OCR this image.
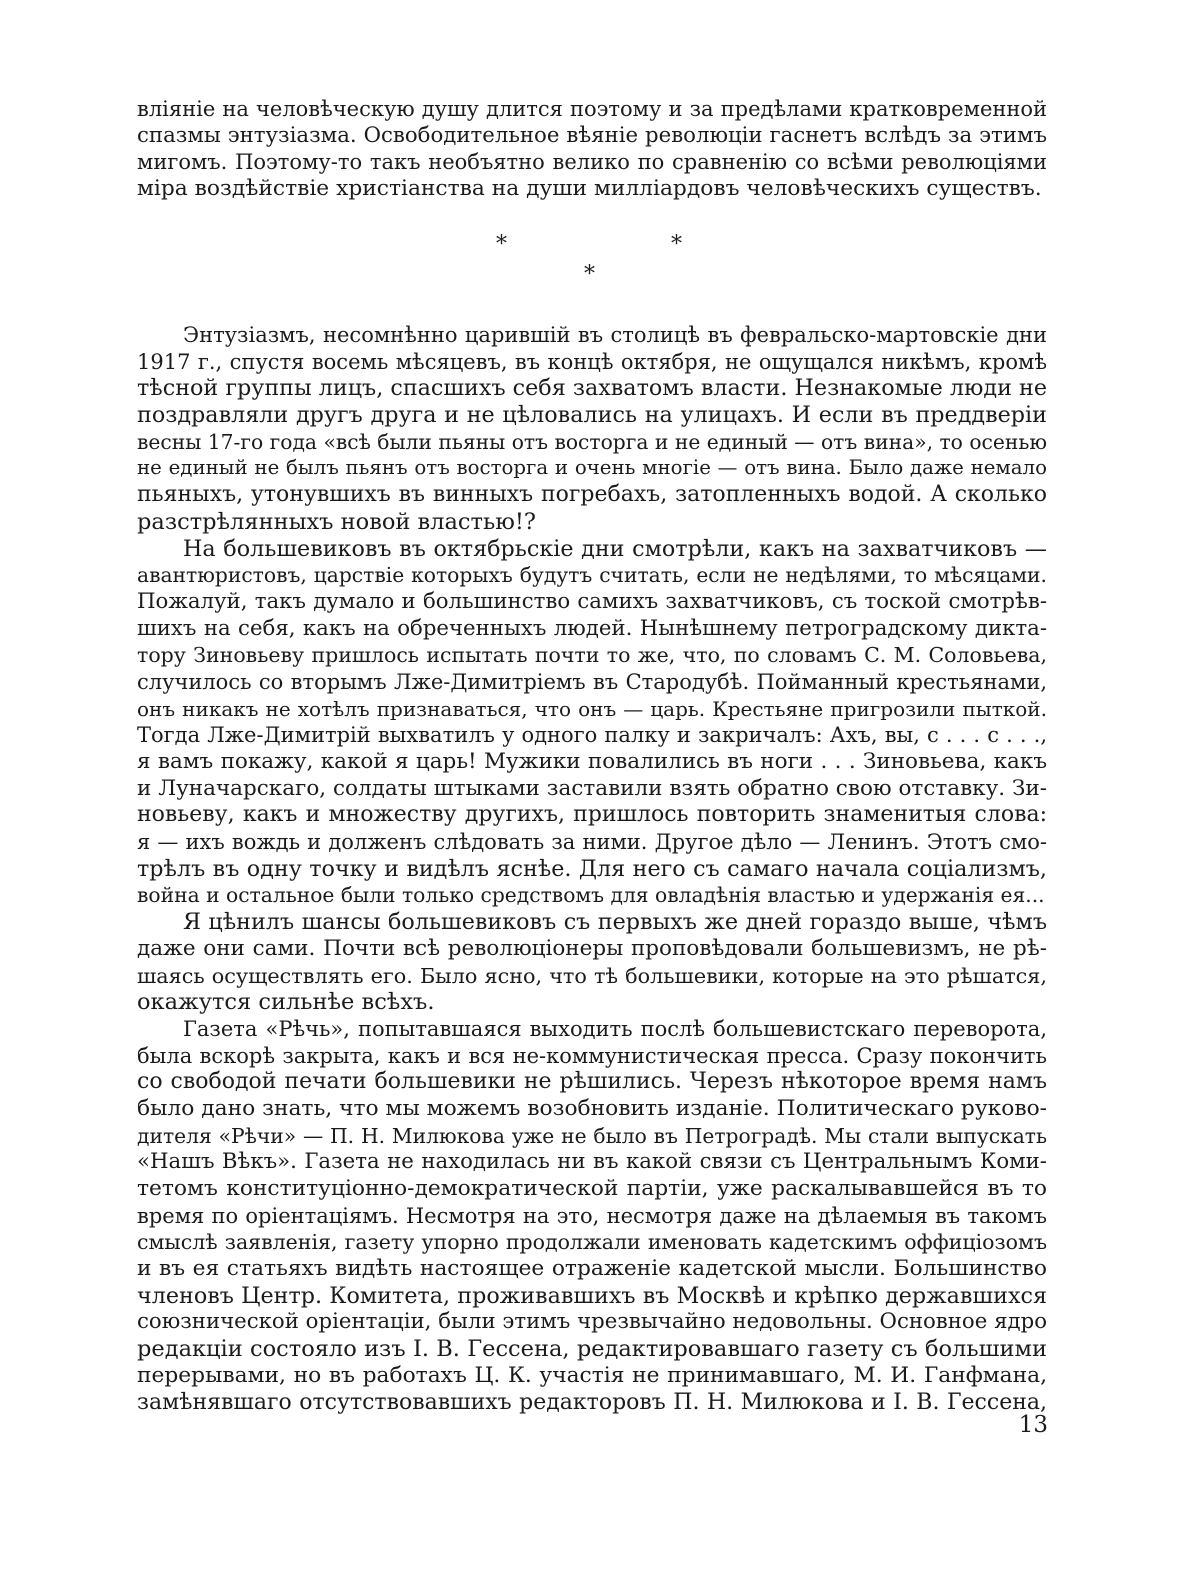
вліяніе на человѣческую душу длится поэтому и за предѣлами кратковременной
спазмы энтузіазма. Освободительное вѣяніе революціи гаснетъ вслѣдъ за этимъ
мигомъ. Поэтому-то такъ необъятно велико по сравненію со всѣми революціями
міра воздѣйствіе христіанства на души милліардовъ человѣческихъ существъ.
*	*
*
Энтузіазмъ, несомнѣнно царившій въ столицѣ въ февральско-мартовскіе дни
1917 г., спустя восемь мѣсяцевъ, въ концѣ октября, не ощущался никѣмъ, кромѣ
тѣсной группы лицъ, спасшихъ себя захватомъ власти. Незнакомые люди не
поздравляли другъ друга и не цѣловались на улицахъ. И если въ преддверіи
весны 17-го года «всѣ были пьяны отъ восторга и не единый — отъ вина», то осенью
не единый не былъ пьянъ отъ восторга и очень многіе — отъ вина. Было даже немало
пьяныхъ, утонувшихъ въ винныхъ погребахъ, затопленныхъ водой. А сколько
разстрѣлянныхъ новой властью!?
На большевиковъ въ октябрьскіе дни смотрѣли, какъ на захватчиковъ —
авантюристовъ, царствіе которыхъ будутъ считать, если не недѣлями, то мѣсяцами.
Пожалуй, такъ думало и большинство самихъ захватчиковъ, съ тоской смотрѣв-
шихъ на себя, какъ на обреченныхъ людей. Нынѣшнему петроградскому дикта-
тору Зиновьеву пришлось испытать почти то же, что, по словамъ С. М. Соловьева,
случилось со вторымъ Лже-Димитріемъ въ Стародубѣ. Пойманный крестьянами,
онъ никакъ не хотѣлъ признаваться, что онъ — царь. Крестьяне пригрозили пыткой.
Тогда Лже-Димитрій выхватилъ у одного палку и закричалъ: Ахъ, вы, с . . . с . . .,
я вамъ покажу, какой я царь! Мужики повалились въ ноги . . . Зиновьева, какъ
и Луначарскаго, солдаты штыками заставили взять обратно свою отставку. Зи-
новьеву, какъ и множеству другихъ, пришлось повторить знаменитыя слова:
я — ихъ вождь и долженъ слѣдовать за ними. Другое дѣло — Ленинъ. Этотъ смо-
трѣлъ въ одну точку и видѣлъ яснѣе. Для него съ самаго начала соціализмъ,
война и остальное были только средствомъ для овладѣнія властью и удержанія ея...
Я цѣнилъ шансы большевиковъ съ первыхъ же дней гораздо выше, чѣмъ
даже они сами. Почти всѣ революціонеры проповѣдовали большевизмъ, не рѣ-
шаясь осуществлять его. Было ясно, что тѣ большевики, которые на это рѣшатся,
окажутся сильнѣе всѣхъ.
Газета «Рѣчь», попытавшаяся выходить послѣ большевистскаго переворота,
была вскорѣ закрыта, какъ и вся не-коммунистическая пресса. Сразу покончить
со свободой печати большевики не рѣшились. Черезъ нѣкоторое время намъ
было дано знать, что мы можемъ возобновить изданіе. Политическаго руково-
дителя «Рѣчи» — П. Н. Милюкова уже не было въ Петроградѣ. Мы стали выпускать
«Нашъ Вѣкъ». Газета не находилась ни въ какой связи съ Центральнымъ Коми-
тетомъ конституціонно-демократической партіи, уже раскалывавшейся въ то
время по оріентаціямъ. Несмотря на это, несмотря даже на дѣлаемыя въ такомъ
смыслѣ заявленія, газету упорно продолжали именовать кадетскимъ оффиціозомъ
и въ ея статьяхъ видѣть настоящее отраженіе кадетской мысли. Большинство
членовъ Центр. Комитета, проживавшихъ въ Москвѣ и крѣпко державшихся
союзнической оріентаціи, были этимъ чрезвычайно недовольны. Основное ядро
редакціи состояло изъ І. В. Гессена, редактировавшаго газету съ большими
перерывами, но въ работахъ Ц. К. участія не принимавшаго, М. И. Ганфмана,
замѣнявшаго отсутствовавшихъ редакторовъ П. Н. Милюкова и І. В. Гессена,
13
